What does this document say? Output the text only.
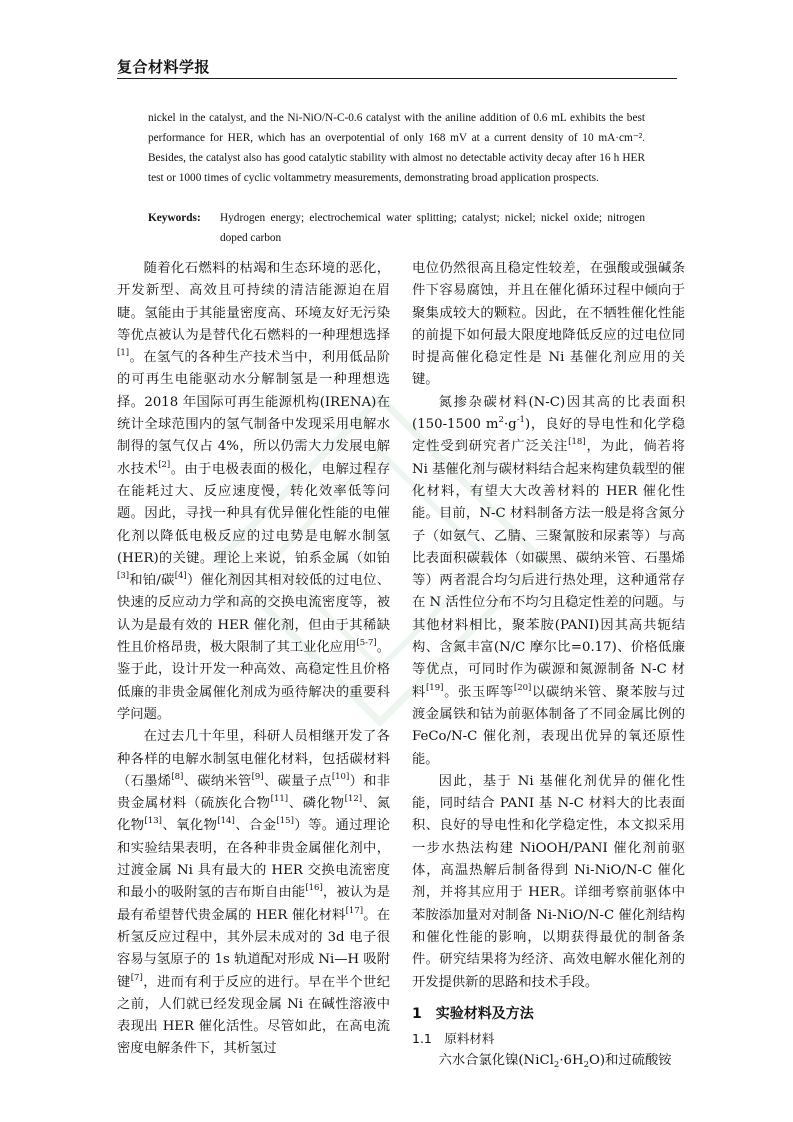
复合材料学报

nickel in the catalyst, and the Ni-NiO/N-C-0.6 catalyst with the aniline addition of 0.6 mL exhibits the best performance for HER, which has an overpotential of only 168 mV at a current density of 10 mA·cm⁻². Besides, the catalyst also has good catalytic stability with almost no detectable activity decay after 16 h HER test or 1000 times of cyclic voltammetry measurements, demonstrating broad application prospects.

Keywords: Hydrogen energy; electrochemical water splitting; catalyst; nickel; nickel oxide; nitrogen doped carbon

随着化石燃料的枯竭和生态环境的恶化，开发新型、高效且可持续的清洁能源迫在眉睫。氢能由于其能量密度高、环境友好无污染等优点被认为是替代化石燃料的一种理想选择[1]。在氢气的各种生产技术当中，利用低品阶的可再生电能驱动水分解制氢是一种理想选择。2018 年国际可再生能源机构(IRENA)在统计全球范围内的氢气制备中发现采用电解水制得的氢气仅占 4%，所以仍需大力发展电解水技术[2]。由于电极表面的极化，电解过程存在能耗过大、反应速度慢，转化效率低等问题。因此，寻找一种具有优异催化性能的电催化剂以降低电极反应的过电势是电解水制氢(HER)的关键。理论上来说，铂系金属（如铂[3]和铂/碳[4]）催化剂因其相对较低的过电位、快速的反应动力学和高的交换电流密度等，被认为是最有效的 HER 催化剂，但由于其稀缺性且价格昂贵，极大限制了其工业化应用[5-7]。鉴于此，设计开发一种高效、高稳定性且价格低廉的非贵金属催化剂成为亟待解决的重要科学问题。

在过去几十年里，科研人员相继开发了各种各样的电解水制氢电催化材料，包括碳材料（石墨烯[8]、碳纳米管[9]、碳量子点[10]）和非贵金属材料（硫族化合物[11]、磷化物[12]、氮化物[13]、氧化物[14]、合金[15]）等。通过理论和实验结果表明，在各种非贵金属催化剂中，过渡金属 Ni 具有最大的 HER 交换电流密度和最小的吸附氢的吉布斯自由能[16]，被认为是最有希望替代贵金属的 HER 催化材料[17]。在析氢反应过程中，其外层未成对的 3d 电子很容易与氢原子的 1s 轨道配对形成 Ni—H 吸附键[7]，进而有利于反应的进行。早在半个世纪之前，人们就已经发现金属 Ni 在碱性溶液中表现出 HER 催化活性。尽管如此，在高电流密度电解条件下，其析氢过

电位仍然很高且稳定性较差，在强酸或强碱条件下容易腐蚀，并且在催化循环过程中倾向于聚集成较大的颗粒。因此，在不牺牲催化性能的前提下如何最大限度地降低反应的过电位同时提高催化稳定性是 Ni 基催化剂应用的关键。

氮掺杂碳材料(N-C)因其高的比表面积(150-1500 $m^2\cdot g^{-1}$)，良好的导电性和化学稳定性受到研究者广泛关注[18]，为此，倘若将 Ni 基催化剂与碳材料结合起来构建负载型的催化材料，有望大大改善材料的 HER 催化性能。目前，N-C 材料制备方法一般是将含氮分子（如氨气、乙腈、三聚氰胺和尿素等）与高比表面积碳载体（如碳黑、碳纳米管、石墨烯等）两者混合均匀后进行热处理，这种通常存在 N 活性位分布不均匀且稳定性差的问题。与其他材料相比，聚苯胺(PANI)因其高共轭结构、含氮丰富(N/C 摩尔比=0.17)、价格低廉等优点，可同时作为碳源和氮源制备 N-C 材料[19]。张玉晖等[20]以碳纳米管、聚苯胺与过渡金属铁和钴为前驱体制备了不同金属比例的 FeCo/N-C 催化剂，表现出优异的氧还原性能。

因此，基于 Ni 基催化剂优异的催化性能，同时结合 PANI 基 N-C 材料大的比表面积、良好的导电性和化学稳定性，本文拟采用一步水热法构建 NiOOH/PANI 催化剂前驱体，高温热解后制备得到 Ni-NiO/N-C 催化剂，并将其应用于 HER。详细考察前驱体中苯胺添加量对对制备 Ni-NiO/N-C 催化剂结构和催化性能的影响，以期获得最优的制备条件。研究结果将为经济、高效电解水催化剂的开发提供新的思路和技术手段。

1　实验材料及方法
1.1　原料材料

六水合氯化镍$(NiCl_2\cdot 6H_2O)$和过硫酸铵
